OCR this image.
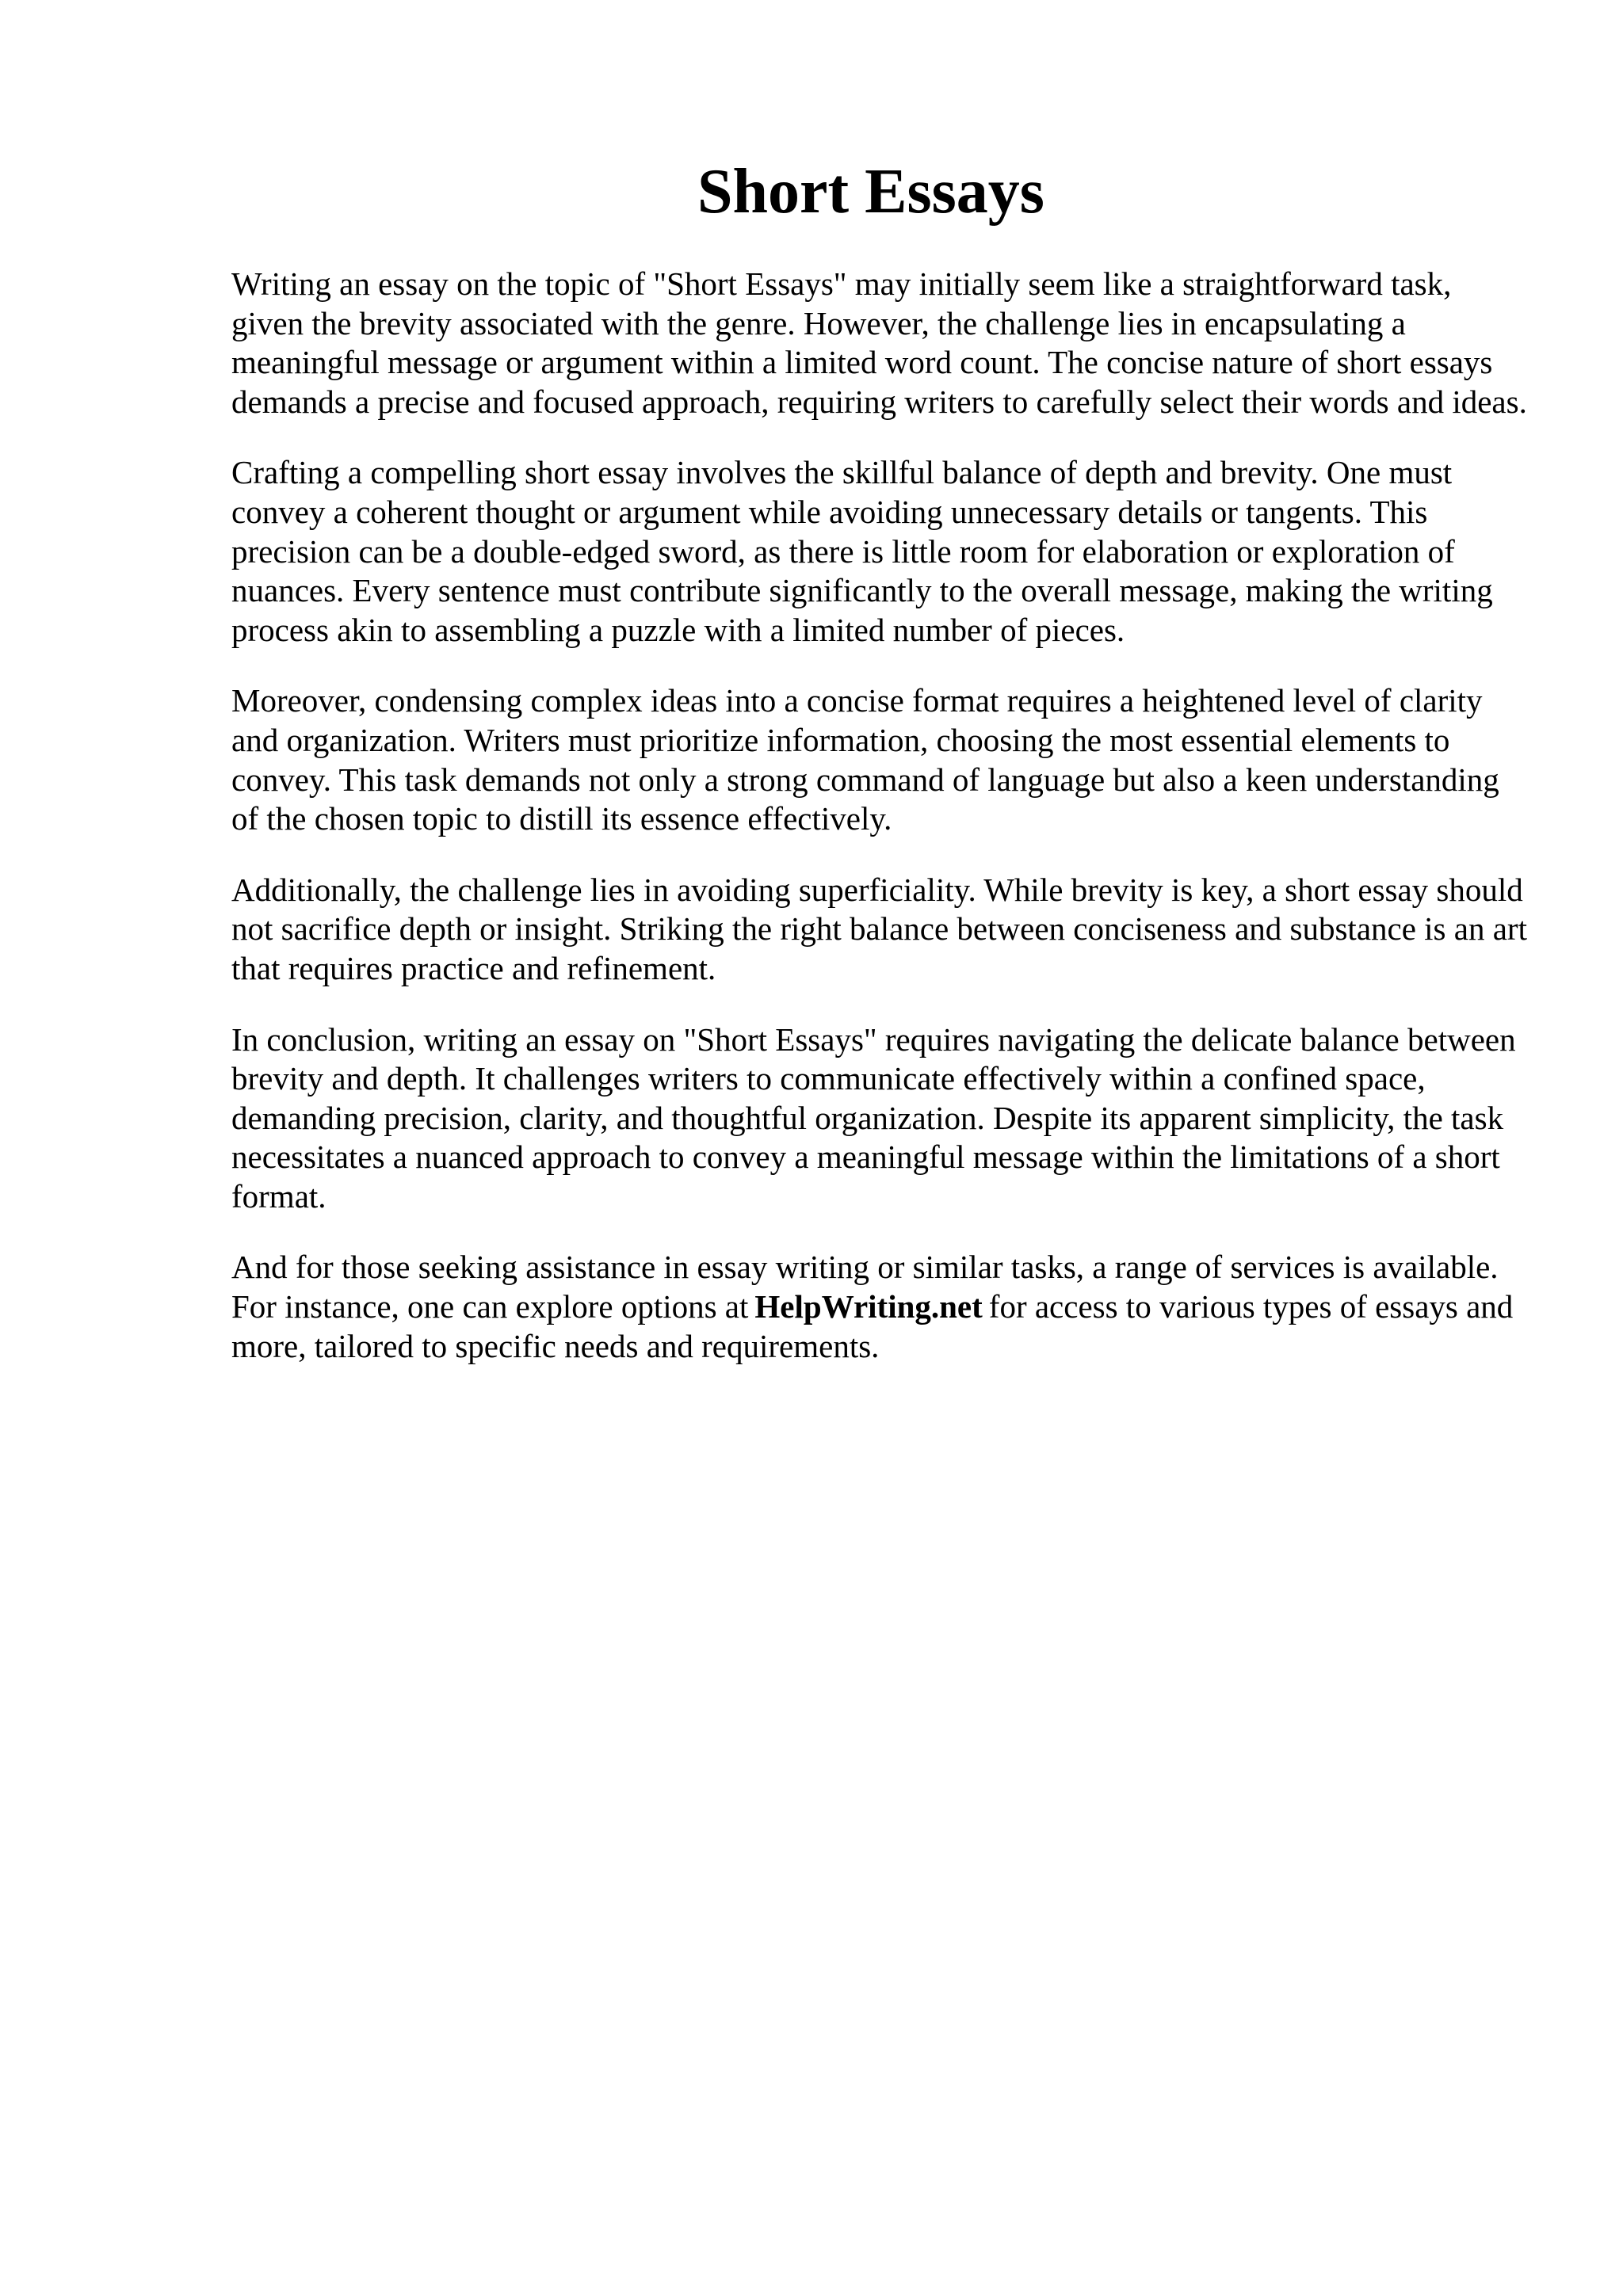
Short Essays

Writing an essay on the topic of "Short Essays" may initially seem like a straightforward task, given the brevity associated with the genre. However, the challenge lies in encapsulating a meaningful message or argument within a limited word count. The concise nature of short essays demands a precise and focused approach, requiring writers to carefully select their words and ideas.

Crafting a compelling short essay involves the skillful balance of depth and brevity. One must convey a coherent thought or argument while avoiding unnecessary details or tangents. This precision can be a double-edged sword, as there is little room for elaboration or exploration of nuances. Every sentence must contribute significantly to the overall message, making the writing process akin to assembling a puzzle with a limited number of pieces.

Moreover, condensing complex ideas into a concise format requires a heightened level of clarity and organization. Writers must prioritize information, choosing the most essential elements to convey. This task demands not only a strong command of language but also a keen understanding of the chosen topic to distill its essence effectively.

Additionally, the challenge lies in avoiding superficiality. While brevity is key, a short essay should not sacrifice depth or insight. Striking the right balance between conciseness and substance is an art that requires practice and refinement.

In conclusion, writing an essay on "Short Essays" requires navigating the delicate balance between brevity and depth. It challenges writers to communicate effectively within a confined space, demanding precision, clarity, and thoughtful organization. Despite its apparent simplicity, the task necessitates a nuanced approach to convey a meaningful message within the limitations of a short format.

And for those seeking assistance in essay writing or similar tasks, a range of services is available. For instance, one can explore options at HelpWriting.net for access to various types of essays and more, tailored to specific needs and requirements.
